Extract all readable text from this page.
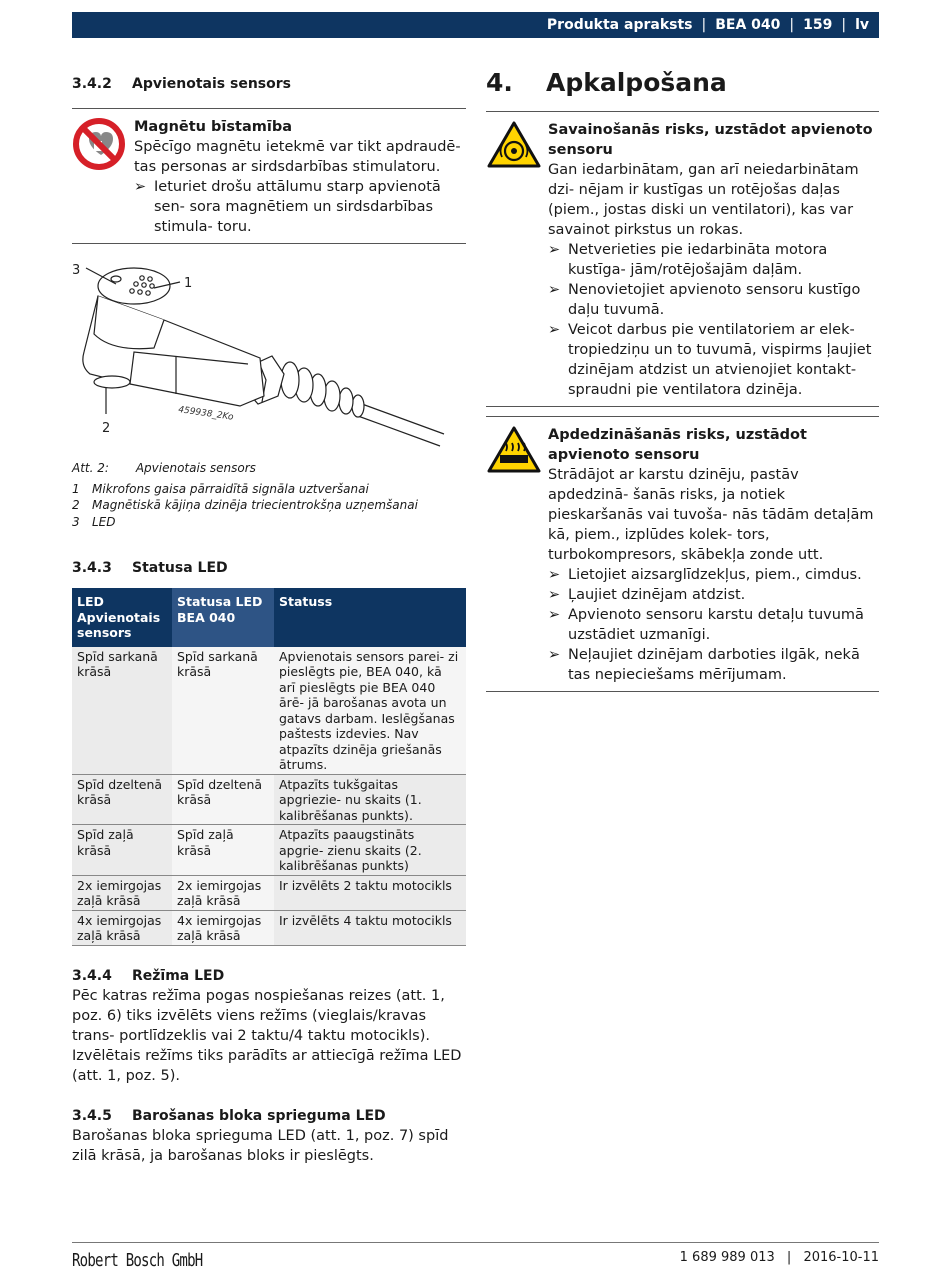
Produkta apraksts | BEA 040 | 159 | lv
3.4.2	Apvienotais sensors
Magnētu bīstamība
Spēcīgo magnētu ietekmē var tikt apdraudē-
tas personas ar sirdsdarbības stimulatoru.
➢ Ieturiet drošu attālumu starp apvienotā sen- sora magnētiem un sirdsdarbības stimula- toru.
3
1
2
459938_2Ko
Att. 2: Apvienotais sensors
1 Mikrofons gaisa pārraidītā signāla uztveršanai
2 Magnētiskā kājiņa dzinēja triecientrokšņa uzņemšanai
3 LED
3.4.3	Statusa LED
LED Apvienotais sensors	Statusa LED BEA 040	Statuss
Spīd sarkanā krāsā	Spīd sarkanā krāsā	Apvienotais sensors parei- zi pieslēgts pie, BEA 040, kā arī pieslēgts pie BEA 040 ārē- jā barošanas avota un gatavs darbam. Ieslēgšanas paštests izdevies. Nav atpazīts dzinēja griešanās ātrums.
Spīd dzeltenā krāsā	Spīd dzeltenā krāsā	Atpazīts tukšgaitas apgriezie- nu skaits (1. kalibrēšanas punkts).
Spīd zaļā krāsā	Spīd zaļā krāsā	Atpazīts paaugstināts apgrie- zienu skaits (2. kalibrēšanas punkts)
2x iemirgojas zaļā krāsā	2x iemirgojas zaļā krāsā	Ir izvēlēts 2 taktu motocikls
4x iemirgojas zaļā krāsā	4x iemirgojas zaļā krāsā	Ir izvēlēts 4 taktu motocikls
3.4.4	Režīma LED
Pēc katras režīma pogas nospiešanas reizes (att. 1, poz. 6) tiks izvēlēts viens režīms (vieglais/kravas trans- portlīdzeklis vai 2 taktu/4 taktu motocikls). Izvēlētais režīms tiks parādīts ar attiecīgā režīma LED (att. 1, poz. 5).
3.4.5	Barošanas bloka sprieguma LED
Barošanas bloka sprieguma LED (att. 1, poz. 7) spīd zilā krāsā, ja barošanas bloks ir pieslēgts.
4.	Apkalpošana
Savainošanās risks, uzstādot apvienoto sensoru
Gan iedarbinātam, gan arī neiedarbinātam dzi- nējam ir kustīgas un rotējošas daļas (piem., jostas diski un ventilatori), kas var savainot pirkstus un rokas.
➢ Netverieties pie iedarbināta motora kustīga- jām/rotējošajām daļām.
➢ Nenovietojiet apvienoto sensoru kustīgo daļu tuvumā.
➢ Veicot darbus pie ventilatoriem ar elek- tropiedziņu un to tuvumā, vispirms ļaujiet dzinējam atdzist un atvienojiet kontakt- spraudni pie ventilatora dzinēja.
Apdedzināšanās risks, uzstādot apvienoto sensoru
Strādājot ar karstu dzinēju, pastāv apdedzinā- šanās risks, ja notiek pieskaršanās vai tuvoša- nās tādām detaļām kā, piem., izplūdes kolek- tors, turbokompresors, skābekļa zonde utt.
➢ Lietojiet aizsarglīdzekļus, piem., cimdus.
➢ Ļaujiet dzinējam atdzist.
➢ Apvienoto sensoru karstu detaļu tuvumā uzstādiet uzmanīgi.
➢ Neļaujiet dzinējam darboties ilgāk, nekā tas nepieciešams mērījumam.
Robert Bosch GmbH	1 689 989 013 | 2016-10-11
